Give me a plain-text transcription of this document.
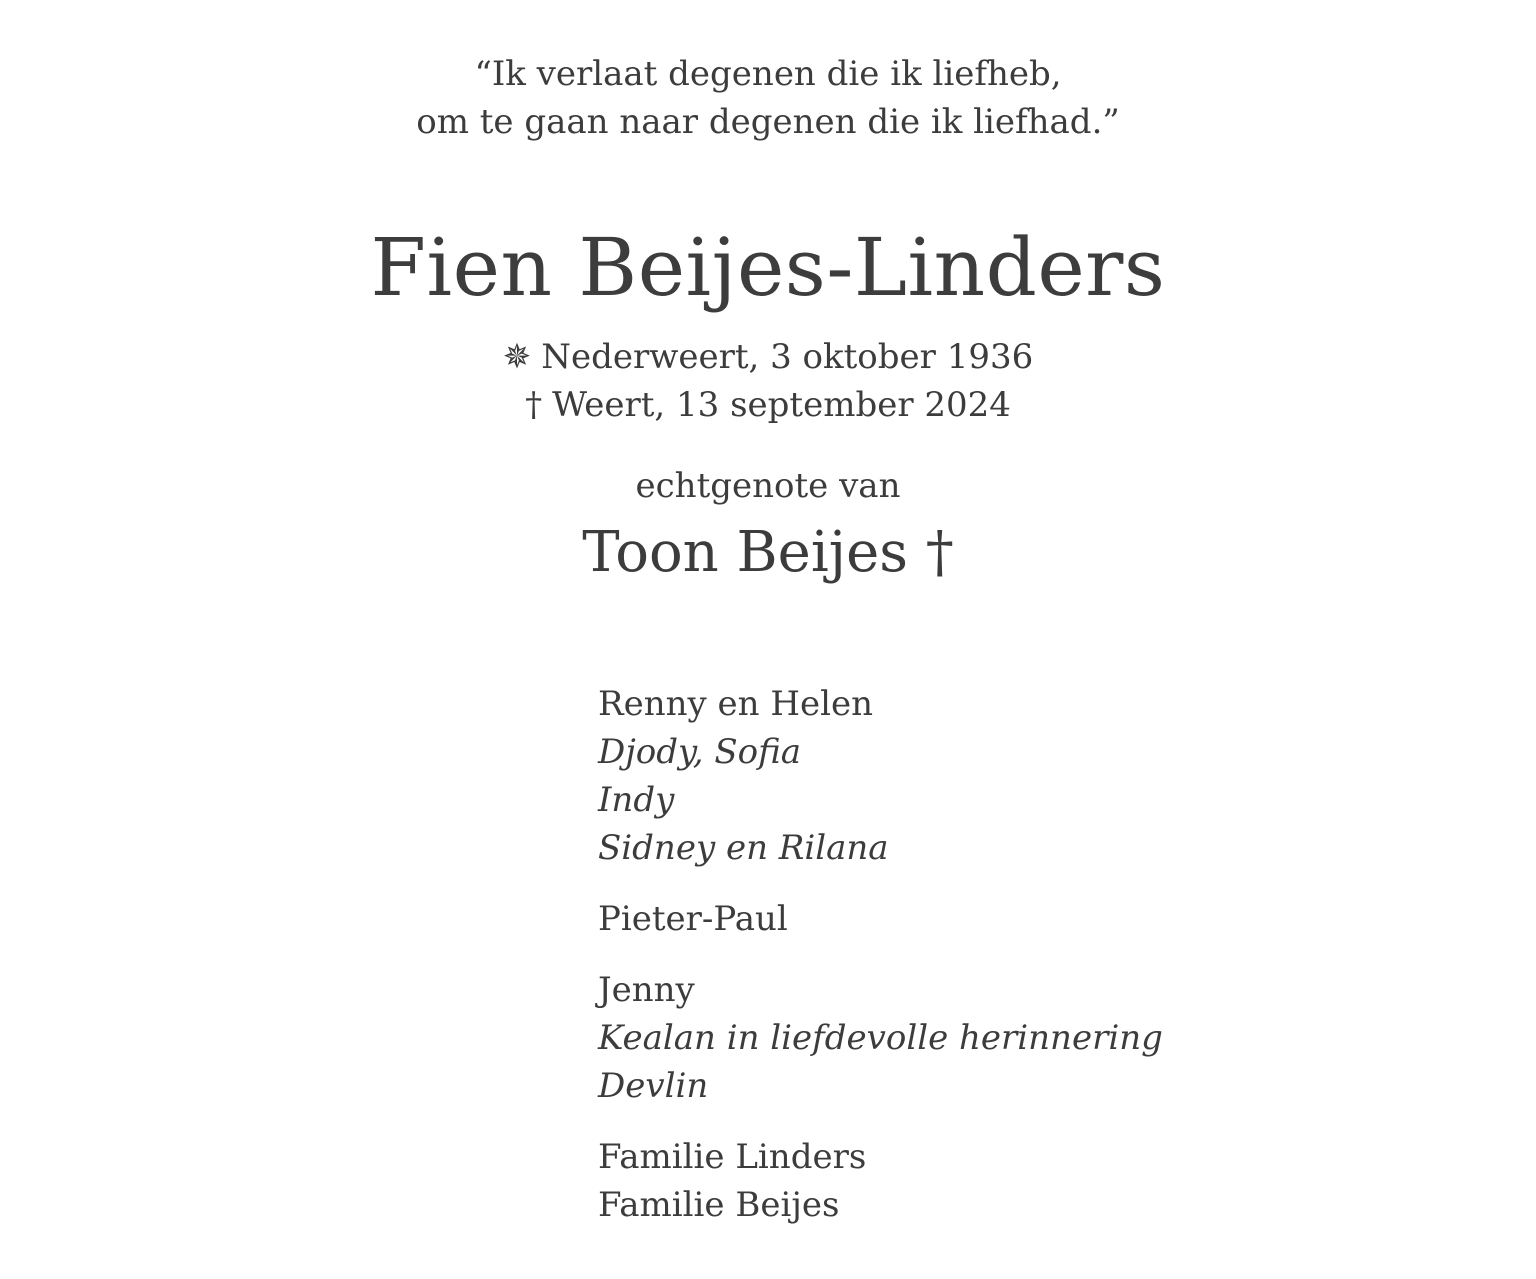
“Ik verlaat degenen die ik liefheb,
om te gaan naar degenen die ik liefhad.”
Fien Beijes-Linders
✵ Nederweert, 3 oktober 1936
† Weert, 13 september 2024
echtgenote van
Toon Beijes †
Renny en Helen
Djody, Sofia
Indy
Sidney en Rilana
Pieter-Paul
Jenny
Kealan in liefdevolle herinnering
Devlin
Familie Linders
Familie Beijes
